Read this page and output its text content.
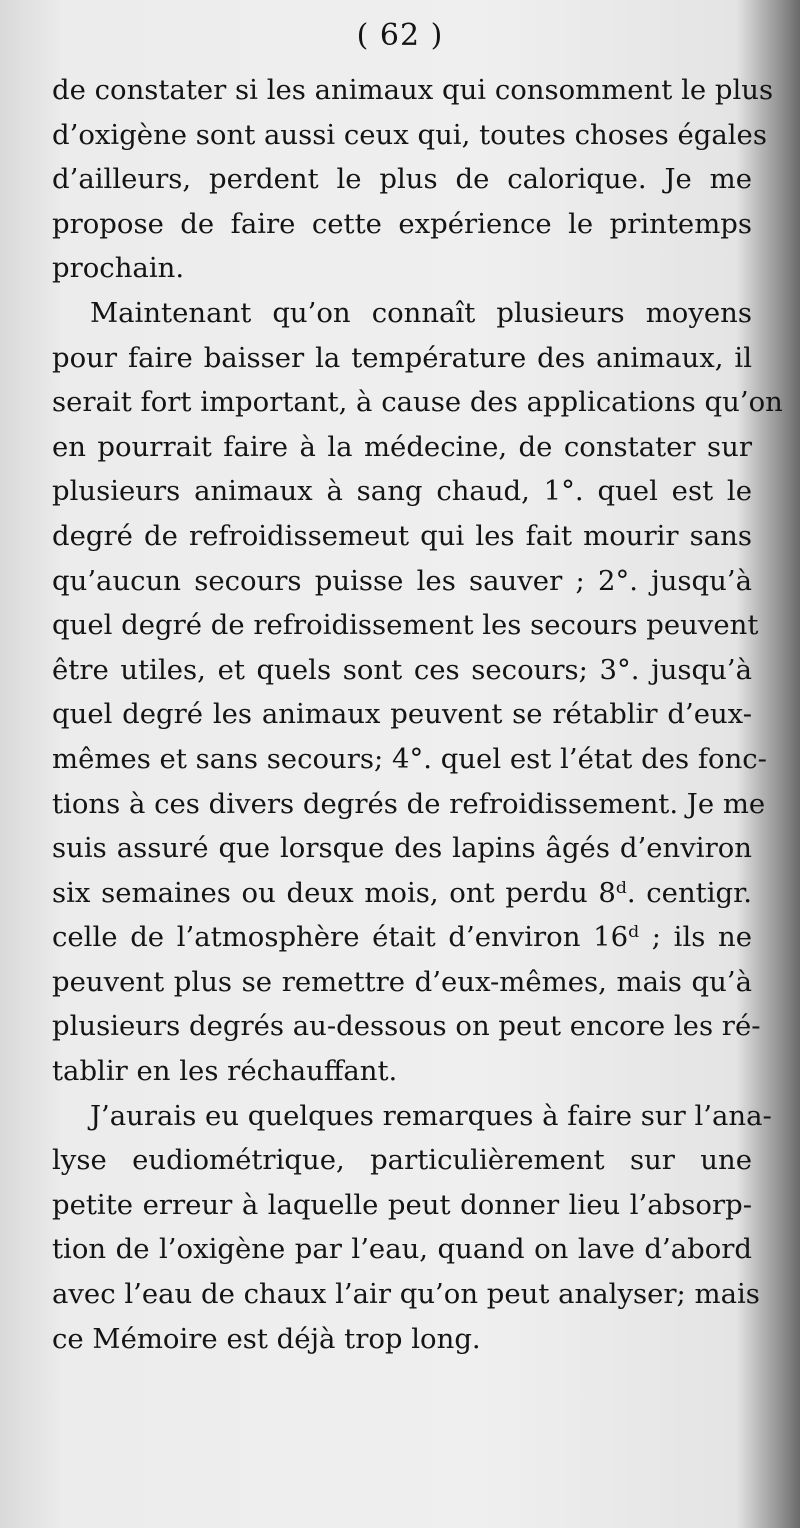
( 62 )
de constater si les animaux qui consomment le plus
d’oxigène sont aussi ceux qui, toutes choses égales
d’ailleurs, perdent le plus de calorique. Je me
propose de faire cette expérience le printemps
prochain.
Maintenant qu’on connaît plusieurs moyens
pour faire baisser la température des animaux, il
serait fort important, à cause des applications qu’on
en pourrait faire à la médecine, de constater sur
plusieurs animaux à sang chaud, 1°. quel est le
degré de refroidissemeut qui les fait mourir sans
qu’aucun secours puisse les sauver ; 2°. jusqu’à
quel degré de refroidissement les secours peuvent
être utiles, et quels sont ces secours; 3°. jusqu’à
quel degré les animaux peuvent se rétablir d’eux-
mêmes et sans secours; 4°. quel est l’état des fonc-
tions à ces divers degrés de refroidissement. Je me
suis assuré que lorsque des lapins âgés d’environ
six semaines ou deux mois, ont perdu 8ᵈ. centigr.
celle de l’atmosphère était d’environ 16ᵈ ; ils ne
peuvent plus se remettre d’eux-mêmes, mais qu’à
plusieurs degrés au-dessous on peut encore les ré-
tablir en les réchauffant.
J’aurais eu quelques remarques à faire sur l’ana-
lyse eudiométrique, particulièrement sur une
petite erreur à laquelle peut donner lieu l’absorp-
tion de l’oxigène par l’eau, quand on lave d’abord
avec l’eau de chaux l’air qu’on peut analyser; mais
ce Mémoire est déjà trop long.
